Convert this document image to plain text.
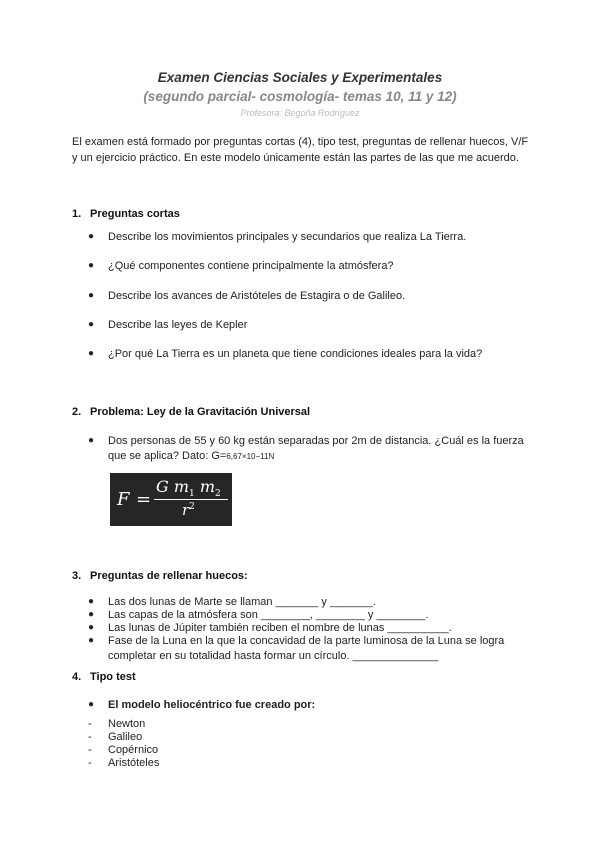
Examen Ciencias Sociales y Experimentales
(segundo parcial- cosmología- temas 10, 11 y 12)
Profesora: Begoña Rodríguez
El examen está formado por preguntas cortas (4), tipo test, preguntas de rellenar huecos, V/F y un ejercicio práctico. En este modelo únicamente están las partes de las que me acuerdo.
1. Preguntas cortas
● Describe los movimientos principales y secundarios que realiza La Tierra.
● ¿Qué componentes contiene principalmente la atmósfera?
● Describe los avances de Aristóteles de Estagira o de Galileo.
● Describe las leyes de Kepler
● ¿Por qué La Tierra es un planeta que tiene condiciones ideales para la vida?
2. Problema: Ley de la Gravitación Universal
● Dos personas de 55 y 60 kg están separadas por 2m de distancia. ¿Cuál es la fuerza que se aplica? Dato: G=6,67×10−11N
F =
G $m_1$ $m_2$
$r^2$
3. Preguntas de rellenar huecos:
● Las dos lunas de Marte se llaman _______ y _______.
● Las capas de la atmósfera son ________, ________ y ________.
● Las lunas de Júpiter también reciben el nombre de lunas __________.
● Fase de la Luna en la que la concavidad de la parte luminosa de la Luna se logra completar en su totalidad hasta formar un círculo. ______________
4. Tipo test
● El modelo heliocéntrico fue creado por:
- Newton
- Galileo
- Copérnico
- Aristóteles
